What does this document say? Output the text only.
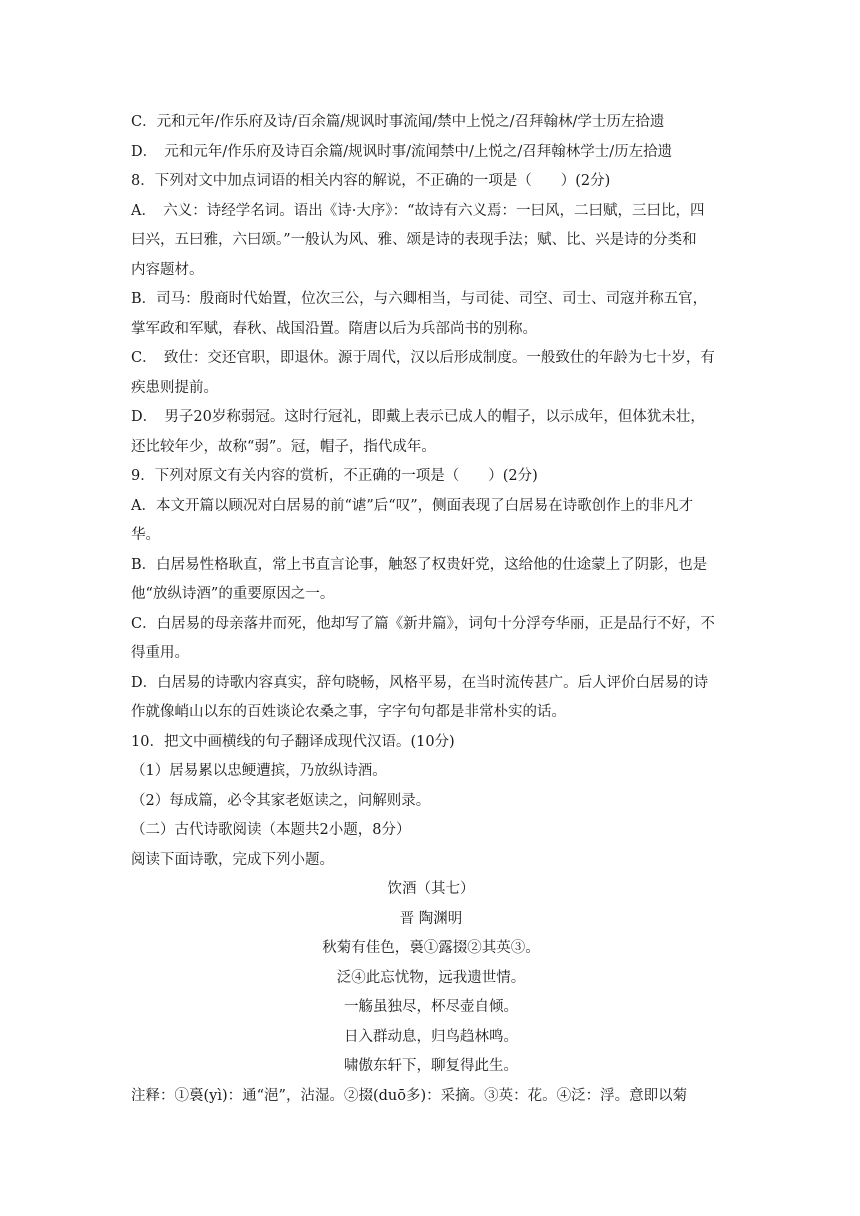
C．元和元年/作乐府及诗/百余篇/规讽时事流闻/禁中上悦之/召拜翰林/学士历左拾遗
D．　元和元年/作乐府及诗百余篇/规讽时事/流闻禁中/上悦之/召拜翰林学士/历左拾遗
8．下列对文中加点词语的相关内容的解说，不正确的一项是（　　）(2分)
A．　六义：诗经学名词。语出《诗·大序》：“故诗有六义焉：一曰风，二曰赋，三曰比，四
曰兴，五曰雅，六曰颂。”一般认为风、雅、颂是诗的表现手法；赋、比、兴是诗的分类和
内容题材。
B．司马：殷商时代始置，位次三公，与六卿相当，与司徒、司空、司士、司寇并称五官，
掌军政和军赋，春秋、战国沿置。隋唐以后为兵部尚书的别称。
C．　致仕：交还官职，即退休。源于周代，汉以后形成制度。一般致仕的年龄为七十岁，有
疾患则提前。
D．　男子20岁称弱冠。这时行冠礼，即戴上表示已成人的帽子，以示成年，但体犹未壮，
还比较年少，故称“弱”。冠，帽子，指代成年。
9．下列对原文有关内容的赏析，不正确的一项是（　　）(2分)
A．本文开篇以顾况对白居易的前“谑”后“叹”，侧面表现了白居易在诗歌创作上的非凡才
华。
B．白居易性格耿直，常上书直言论事，触怒了权贵奸党，这给他的仕途蒙上了阴影，也是
他“放纵诗酒”的重要原因之一。
C．白居易的母亲落井而死，他却写了篇《新井篇》，词句十分浮夸华丽，正是品行不好，不
得重用。
D．白居易的诗歌内容真实，辞句晓畅，风格平易，在当时流传甚广。后人评价白居易的诗
作就像峭山以东的百姓谈论农桑之事，字字句句都是非常朴实的话。
10．把文中画横线的句子翻译成现代汉语。(10分)
（1）居易累以忠鲠遭摈，乃放纵诗酒。
（2）每成篇，必令其家老妪读之，问解则录。
（二）古代诗歌阅读（本题共2小题，8分）
阅读下面诗歌，完成下列小题。
饮酒（其七）
晋 陶渊明
秋菊有佳色，裛①露掇②其英③。
泛④此忘忧物，远我遗世情。
一觞虽独尽，杯尽壶自倾。
日入群动息，归鸟趋林鸣。
啸傲东轩下，聊复得此生。
注释：①裛(yì)：通“浥”，沾湿。②掇(duō多)：采摘。③英：花。④泛：浮。意即以菊
